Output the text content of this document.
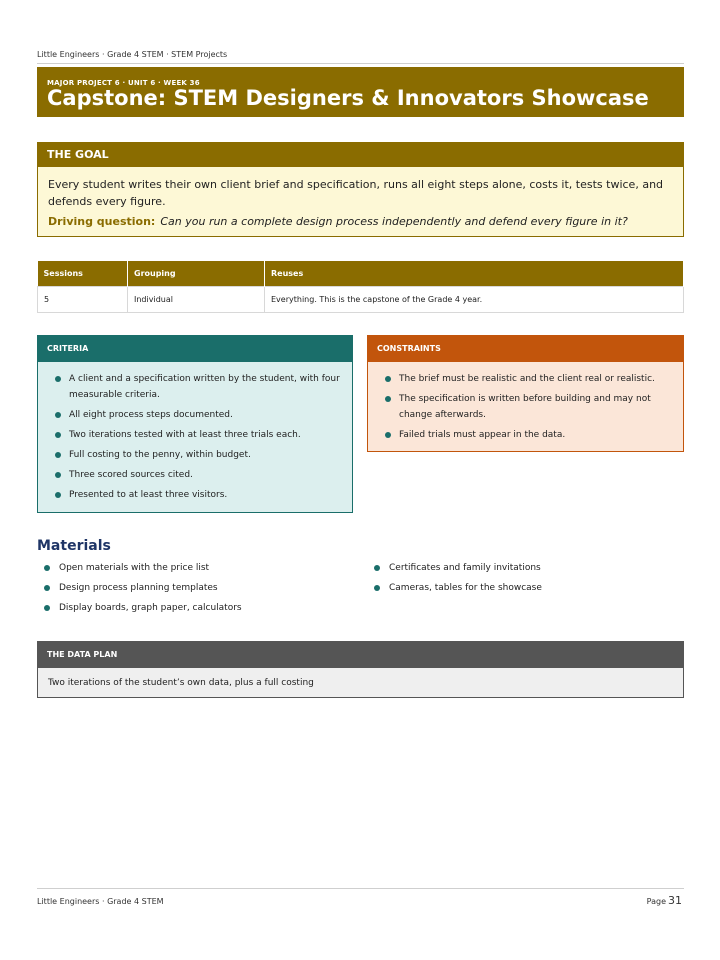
Little Engineers · Grade 4 STEM · STEM Projects
MAJOR PROJECT 6 · UNIT 6 · WEEK 36
Capstone: STEM Designers & Innovators Showcase
THE GOAL
Every student writes their own client brief and specification, runs all eight steps alone, costs it, tests twice, and defends every figure.
Driving question: Can you run a complete design process independently and defend every figure in it?
Sessions	Grouping	Reuses
5	Individual	Everything. This is the capstone of the Grade 4 year.
CRITERIA
A client and a specification written by the student, with four measurable criteria.
All eight process steps documented.
Two iterations tested with at least three trials each.
Full costing to the penny, within budget.
Three scored sources cited.
Presented to at least three visitors.
CONSTRAINTS
The brief must be realistic and the client real or realistic.
The specification is written before building and may not change afterwards.
Failed trials must appear in the data.
Materials
Open materials with the price list
Design process planning templates
Display boards, graph paper, calculators
Certificates and family invitations
Cameras, tables for the showcase
THE DATA PLAN
Two iterations of the student’s own data, plus a full costing
Little Engineers · Grade 4 STEM	Page 31
